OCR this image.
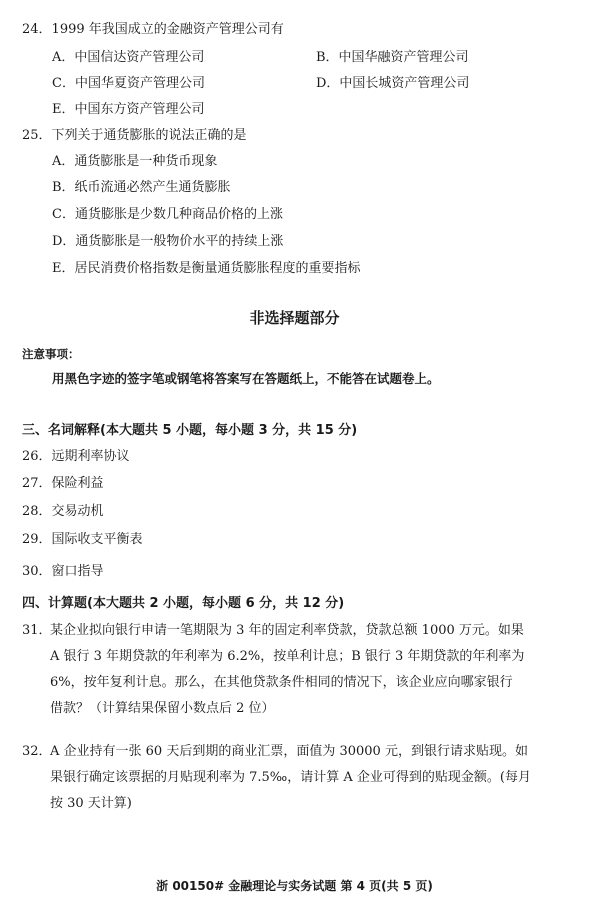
24．1999 年我国成立的金融资产管理公司有
A．中国信达资产管理公司	B．中国华融资产管理公司
C．中国华夏资产管理公司	D．中国长城资产管理公司
E．中国东方资产管理公司
25．下列关于通货膨胀的说法正确的是
A．通货膨胀是一种货币现象
B．纸币流通必然产生通货膨胀
C．通货膨胀是少数几种商品价格的上涨
D．通货膨胀是一般物价水平的持续上涨
E．居民消费价格指数是衡量通货膨胀程度的重要指标
非选择题部分
注意事项：
用黑色字迹的签字笔或钢笔将答案写在答题纸上，不能答在试题卷上。
三、名词解释(本大题共 5 小题，每小题 3 分，共 15 分)
26．远期利率协议
27．保险利益
28．交易动机
29．国际收支平衡表
30．窗口指导
四、计算题(本大题共 2 小题，每小题 6 分，共 12 分)
31．
某企业拟向银行申请一笔期限为 3 年的固定利率贷款，贷款总额 1000 万元。如果
A 银行 3 年期贷款的年利率为 6.2%，按单利计息；B 银行 3 年期贷款的年利率为
6%，按年复利计息。那么，在其他贷款条件相同的情况下，该企业应向哪家银行
借款？（计算结果保留小数点后 2 位）
32．
A 企业持有一张 60 天后到期的商业汇票，面值为 30000 元，到银行请求贴现。如
果银行确定该票据的月贴现利率为 7.5‰，请计算 A 企业可得到的贴现金额。(每月
按 30 天计算)
浙 00150# 金融理论与实务试题 第 4 页(共 5 页)
